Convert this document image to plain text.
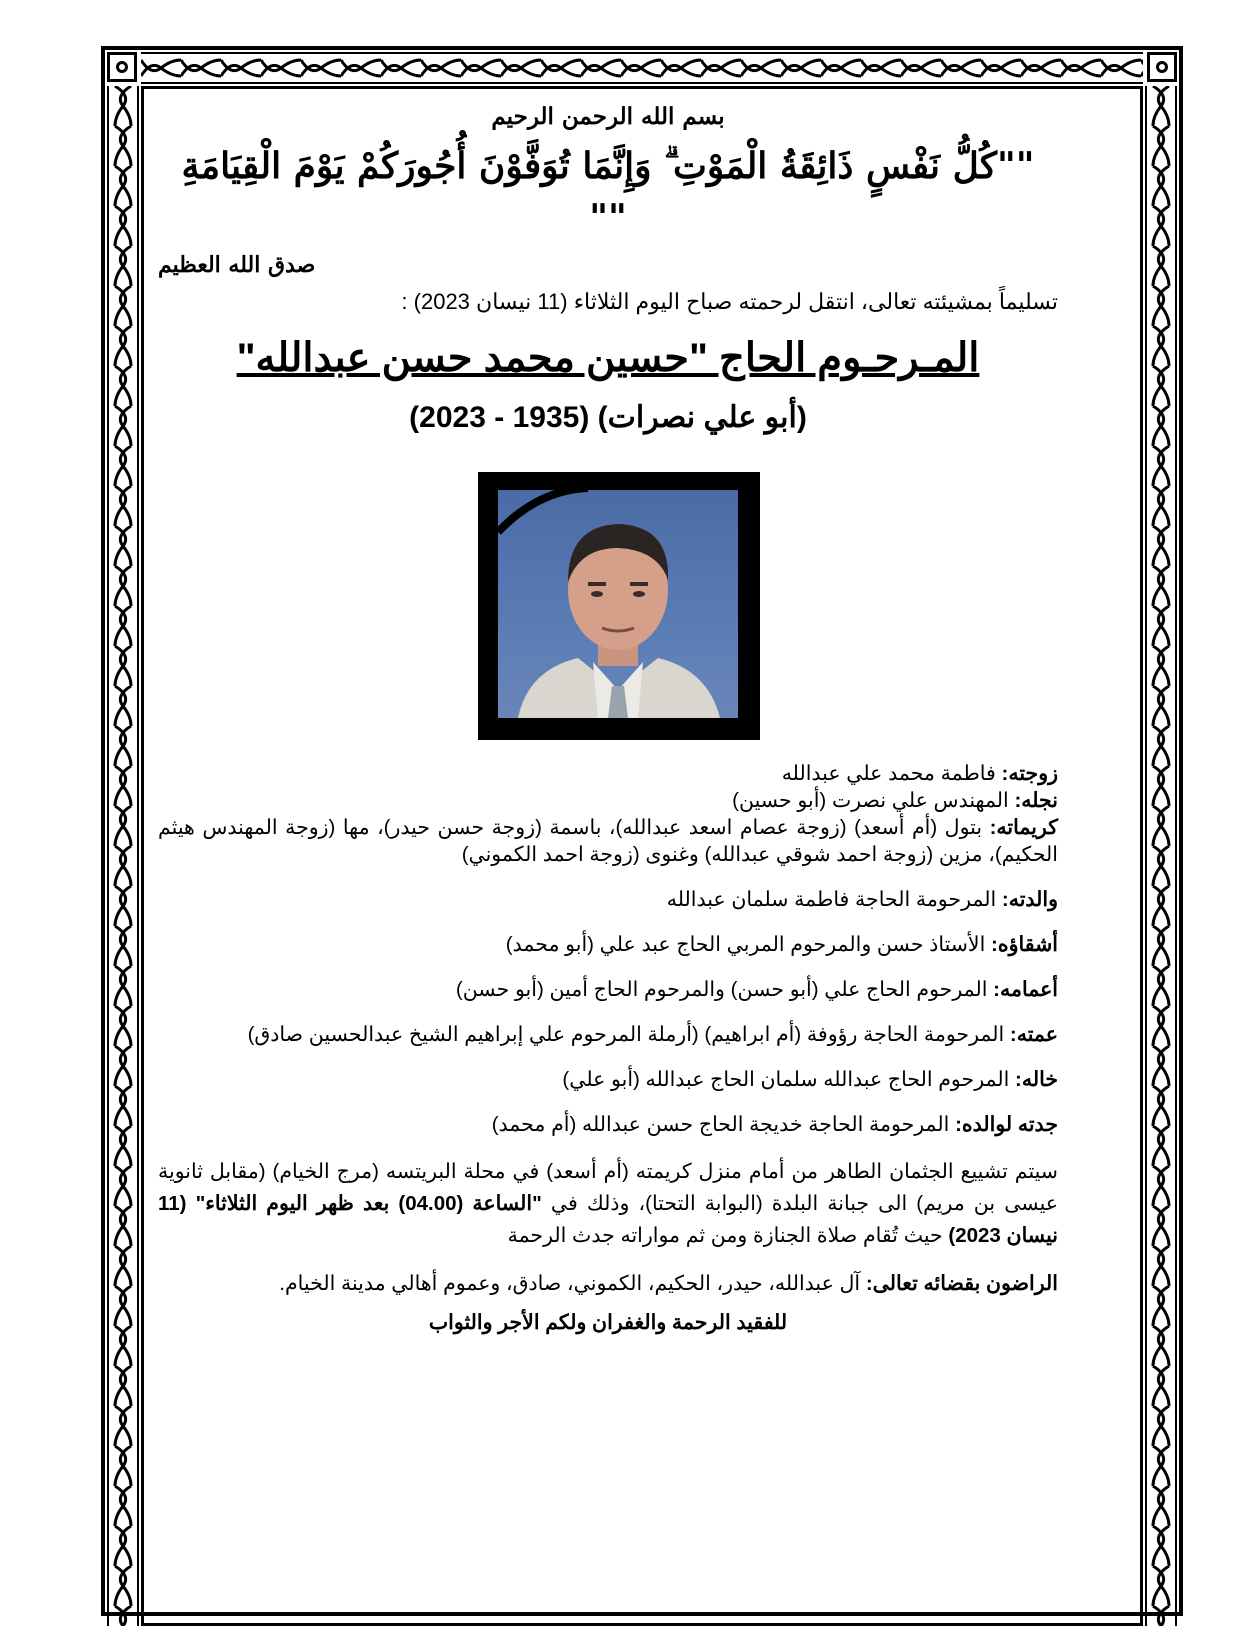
بسم الله الرحمن الرحيم

""كُلُّ نَفْسٍ ذَائِقَةُ الْمَوْتِ ۗ وَإِنَّمَا تُوَفَّوْنَ أُجُورَكُمْ يَوْمَ الْقِيَامَةِ ""

صدق الله العظيم

تسليماً بمشيئته تعالى، انتقل لرحمته صباح اليوم الثلاثاء (11 نيسان 2023) :

المـرحـوم الحاج "حسين محمد حسن عبدالله"

(أبو علي نصرات) (1935 - 2023)

زوجته: فاطمة محمد علي عبدالله

نجله: المهندس علي نصرت (أبو حسين)

كريماته: بتول (أم أسعد) (زوجة عصام اسعد عبدالله)، باسمة (زوجة حسن حيدر)، مها (زوجة المهندس هيثم الحكيم)، مزين (زوجة احمد شوقي عبدالله) وغنوى (زوجة احمد الكموني)

والدته: المرحومة الحاجة فاطمة سلمان عبدالله

أشقاؤه: الأستاذ حسن والمرحوم المربي الحاج عبد علي (أبو محمد)

أعمامه: المرحوم الحاج علي (أبو حسن) والمرحوم الحاج أمين (أبو حسن)

عمته: المرحومة الحاجة رؤوفة (أم ابراهيم) (أرملة المرحوم علي إبراهيم الشيخ عبدالحسين صادق)

خاله: المرحوم الحاج عبدالله سلمان الحاج عبدالله (أبو علي)

جدته لوالده: المرحومة الحاجة خديجة الحاج حسن عبدالله (أم محمد)

سيتم تشييع الجثمان الطاهر من أمام منزل كريمته (أم أسعد) في محلة البريتسه (مرج الخيام) (مقابل ثانوية عيسى بن مريم) الى جبانة البلدة (البوابة التحتا)، وذلك في "الساعة (04.00) بعد ظهر اليوم الثلاثاء" (11 نيسان 2023) حيث تُقام صلاة الجنازة ومن ثم مواراته جدث الرحمة

الراضون بقضائه تعالى: آل عبدالله، حيدر، الحكيم، الكموني، صادق، وعموم أهالي مدينة الخيام.

للفقيد الرحمة والغفران ولكم الأجر والثواب
